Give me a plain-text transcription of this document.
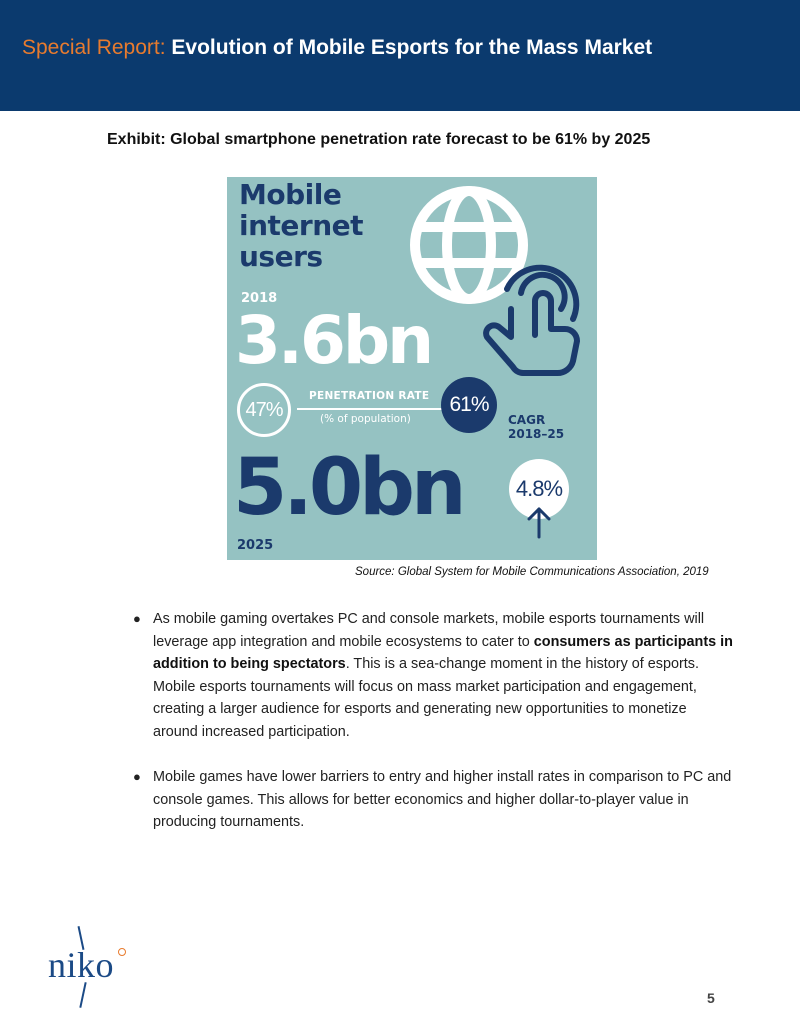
Special Report: Evolution of Mobile Esports for the Mass Market
Exhibit: Global smartphone penetration rate forecast to be 61% by 2025
Mobile
internet
users
2018
3.6bn
47%
PENETRATION RATE
(% of population)
61%
CAGR
2018–25
5.0bn
2025
4.8%
Source: Global System for Mobile Communications Association, 2019
● As mobile gaming overtakes PC and console markets, mobile esports tournaments will leverage app integration and mobile ecosystems to cater to consumers as participants in addition to being spectators. This is a sea-change moment in the history of esports. Mobile esports tournaments will focus on mass market participation and engagement, creating a larger audience for esports and generating new opportunities to monetize around increased participation.
● Mobile games have lower barriers to entry and higher install rates in comparison to PC and console games. This allows for better economics and higher dollar-to-player value in producing tournaments.
niko
5
